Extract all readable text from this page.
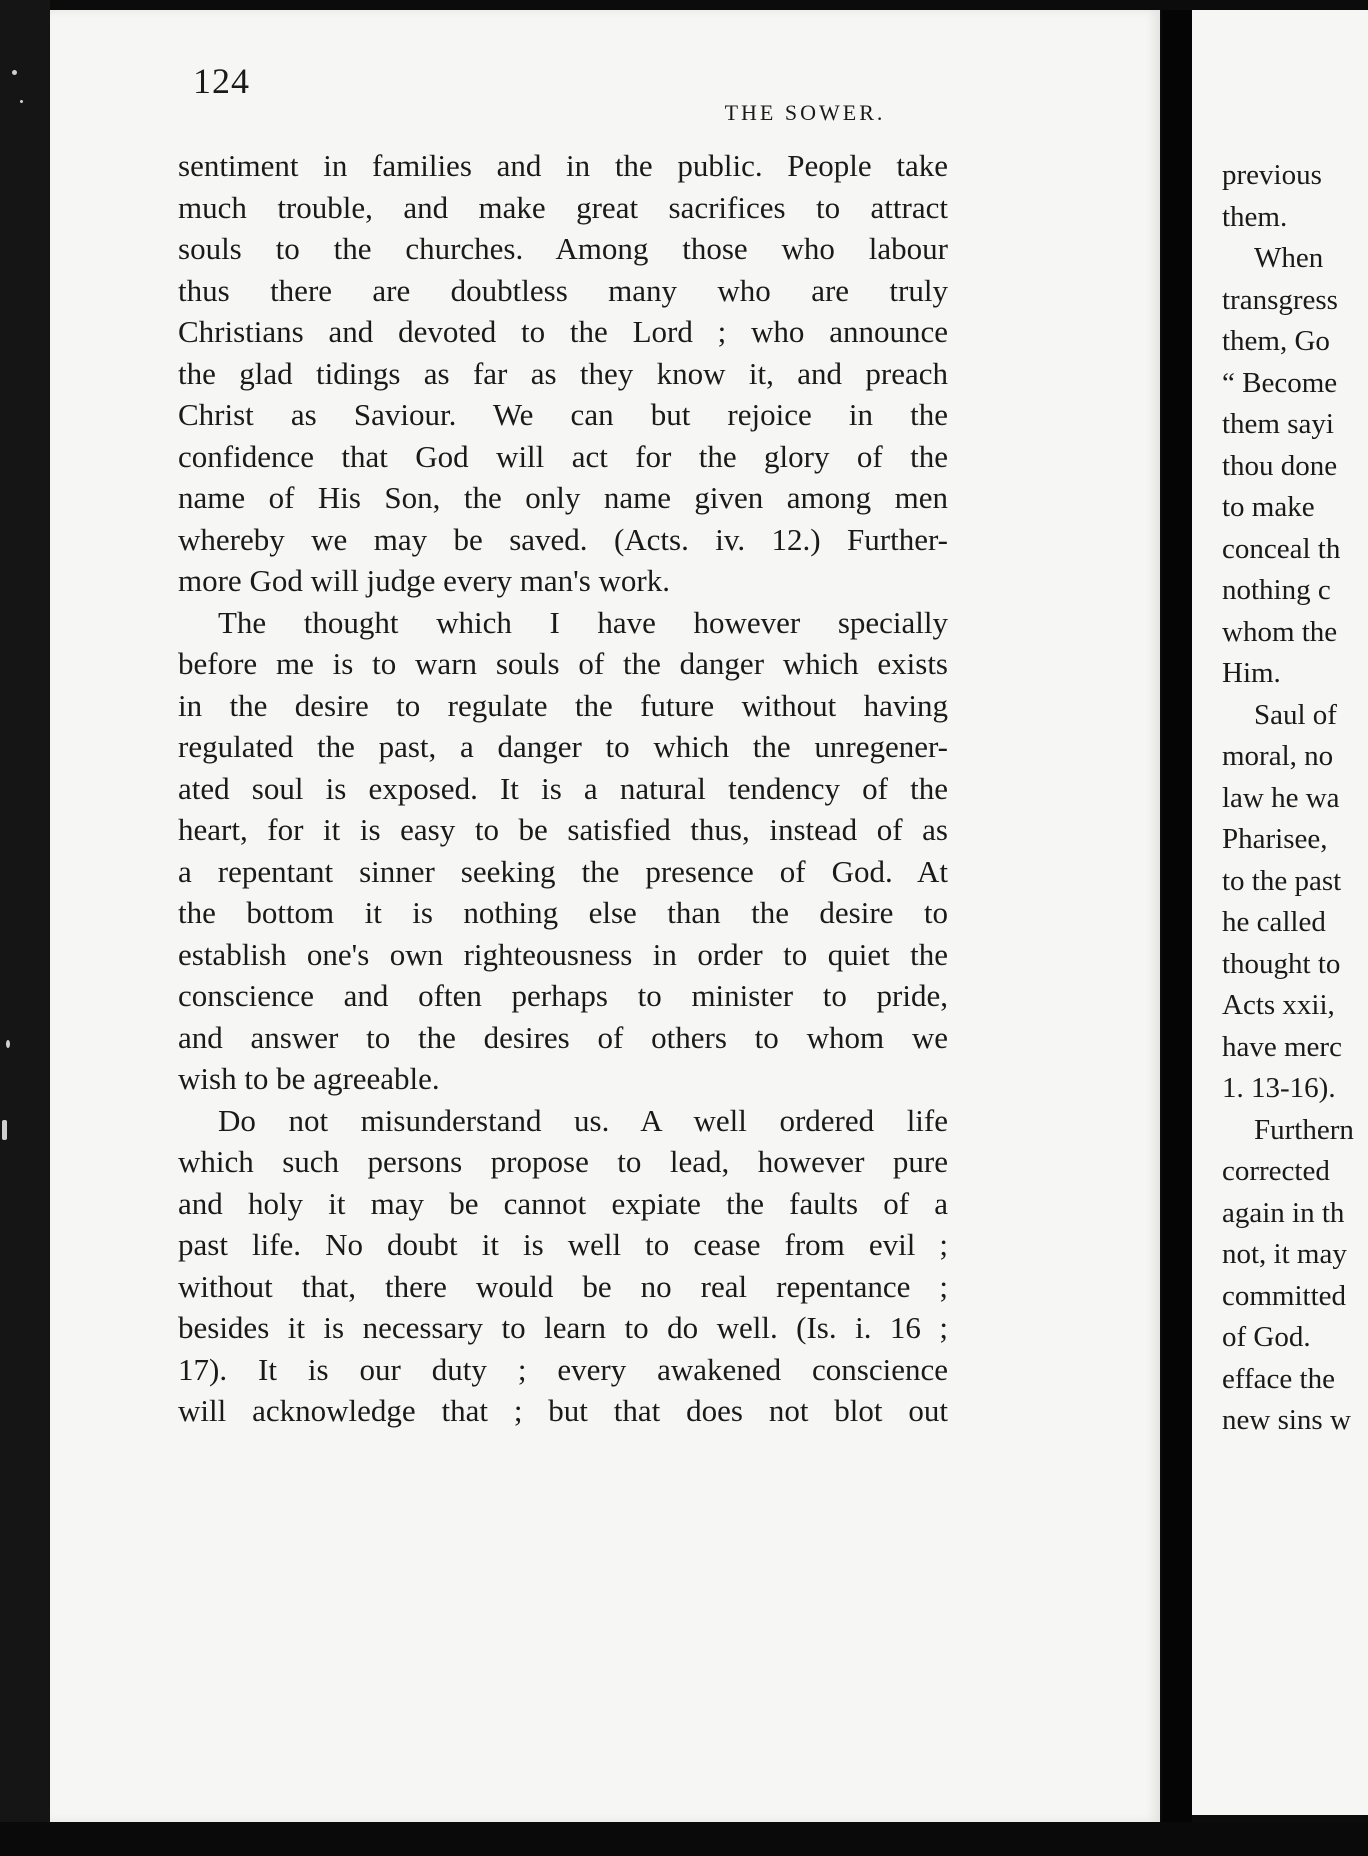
124
THE SOWER.
sentiment in families and in the public. People take
much trouble, and make great sacrifices to attract
souls to the churches. Among those who labour
thus there are doubtless many who are truly
Christians and devoted to the Lord ; who announce
the glad tidings as far as they know it, and preach
Christ as Saviour. We can but rejoice in the
confidence that God will act for the glory of the
name of His Son, the only name given among men
whereby we may be saved. (Acts. iv. 12.) Further-
more God will judge every man's work.
The thought which I have however specially
before me is to warn souls of the danger which exists
in the desire to regulate the future without having
regulated the past, a danger to which the unregener-
ated soul is exposed. It is a natural tendency of the
heart, for it is easy to be satisfied thus, instead of as
a repentant sinner seeking the presence of God. At
the bottom it is nothing else than the desire to
establish one's own righteousness in order to quiet the
conscience and often perhaps to minister to pride,
and answer to the desires of others to whom we
wish to be agreeable.
Do not misunderstand us. A well ordered life
which such persons propose to lead, however pure
and holy it may be cannot expiate the faults of a
past life. No doubt it is well to cease from evil ;
without that, there would be no real repentance ;
besides it is necessary to learn to do well. (Is. i. 16 ;
17). It is our duty ; every awakened conscience
will acknowledge that ; but that does not blot out
previous
them.
When
transgress
them, Go
“ Become
them sayi
thou done
to make
conceal th
nothing c
whom the
Him.
Saul of
moral, no
law he wa
Pharisee,
to the past
he called
thought to
Acts xxii,
have merc
1. 13-16).
Furthern
corrected
again in th
not, it may
committed
of God.
efface the
new sins w
